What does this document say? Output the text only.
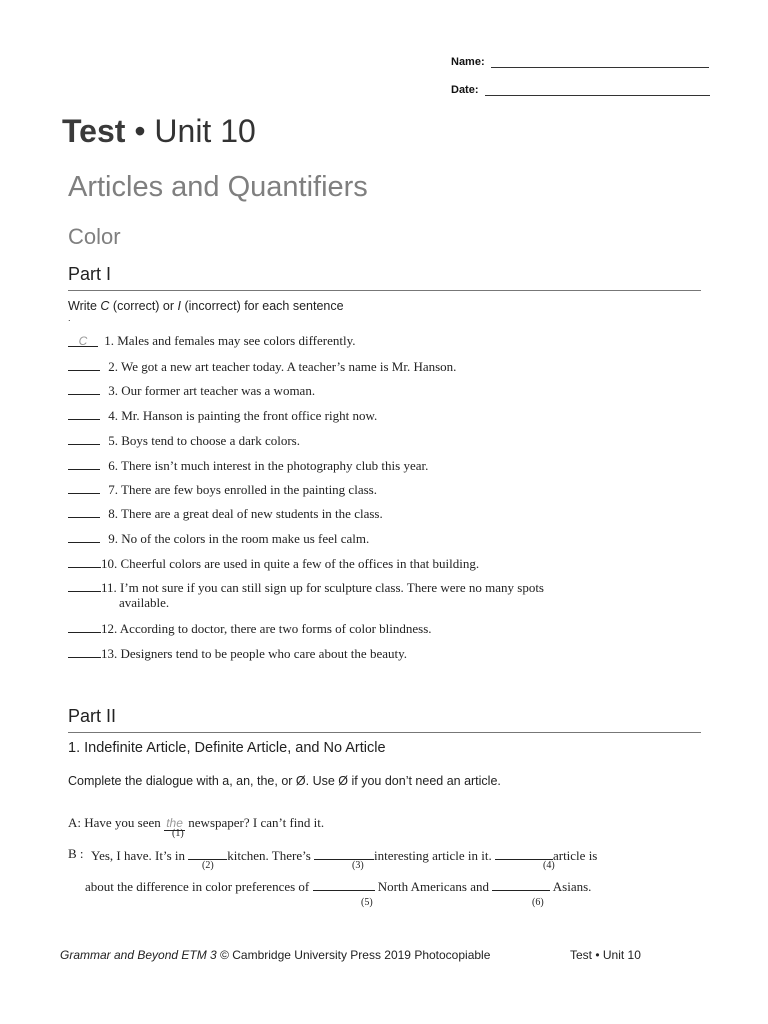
Name:
Date:
Test • Unit 10
Articles and Quantifiers
Color
Part I
Write C (correct) or I (incorrect) for each sentence
.
C 1. Males and females may see colors differently.
2. We got a new art teacher today. A teacher’s name is Mr. Hanson.
3. Our former art teacher was a woman.
4. Mr. Hanson is painting the front office right now.
5. Boys tend to choose a dark colors.
6. There isn’t much interest in the photography club this year.
7. There are few boys enrolled in the painting class.
8. There are a great deal of new students in the class.
9. No of the colors in the room make us feel calm.
10. Cheerful colors are used in quite a few of the offices in that building.
11. I’m not sure if you can still sign up for sculpture class. There were no many spots
available.
12. According to doctor, there are two forms of color blindness.
13. Designers tend to be people who care about the beauty.
Part II
1. Indefinite Article, Definite Article, and No Article
Complete the dialogue with a, an, the, or Ø. Use Ø if you don’t need an article.
A: Have you seen the newspaper? I can’t find it.
(1)
B : Yes, I have. It’s in	kitchen. There’s	interesting article in it.	article is
(2)	(3)	(4)
about the difference in color preferences of	North Americans and	Asians.
(5)	(6)
Grammar and Beyond ETM 3 © Cambridge University Press 2019 Photocopiable	Test • Unit 10
